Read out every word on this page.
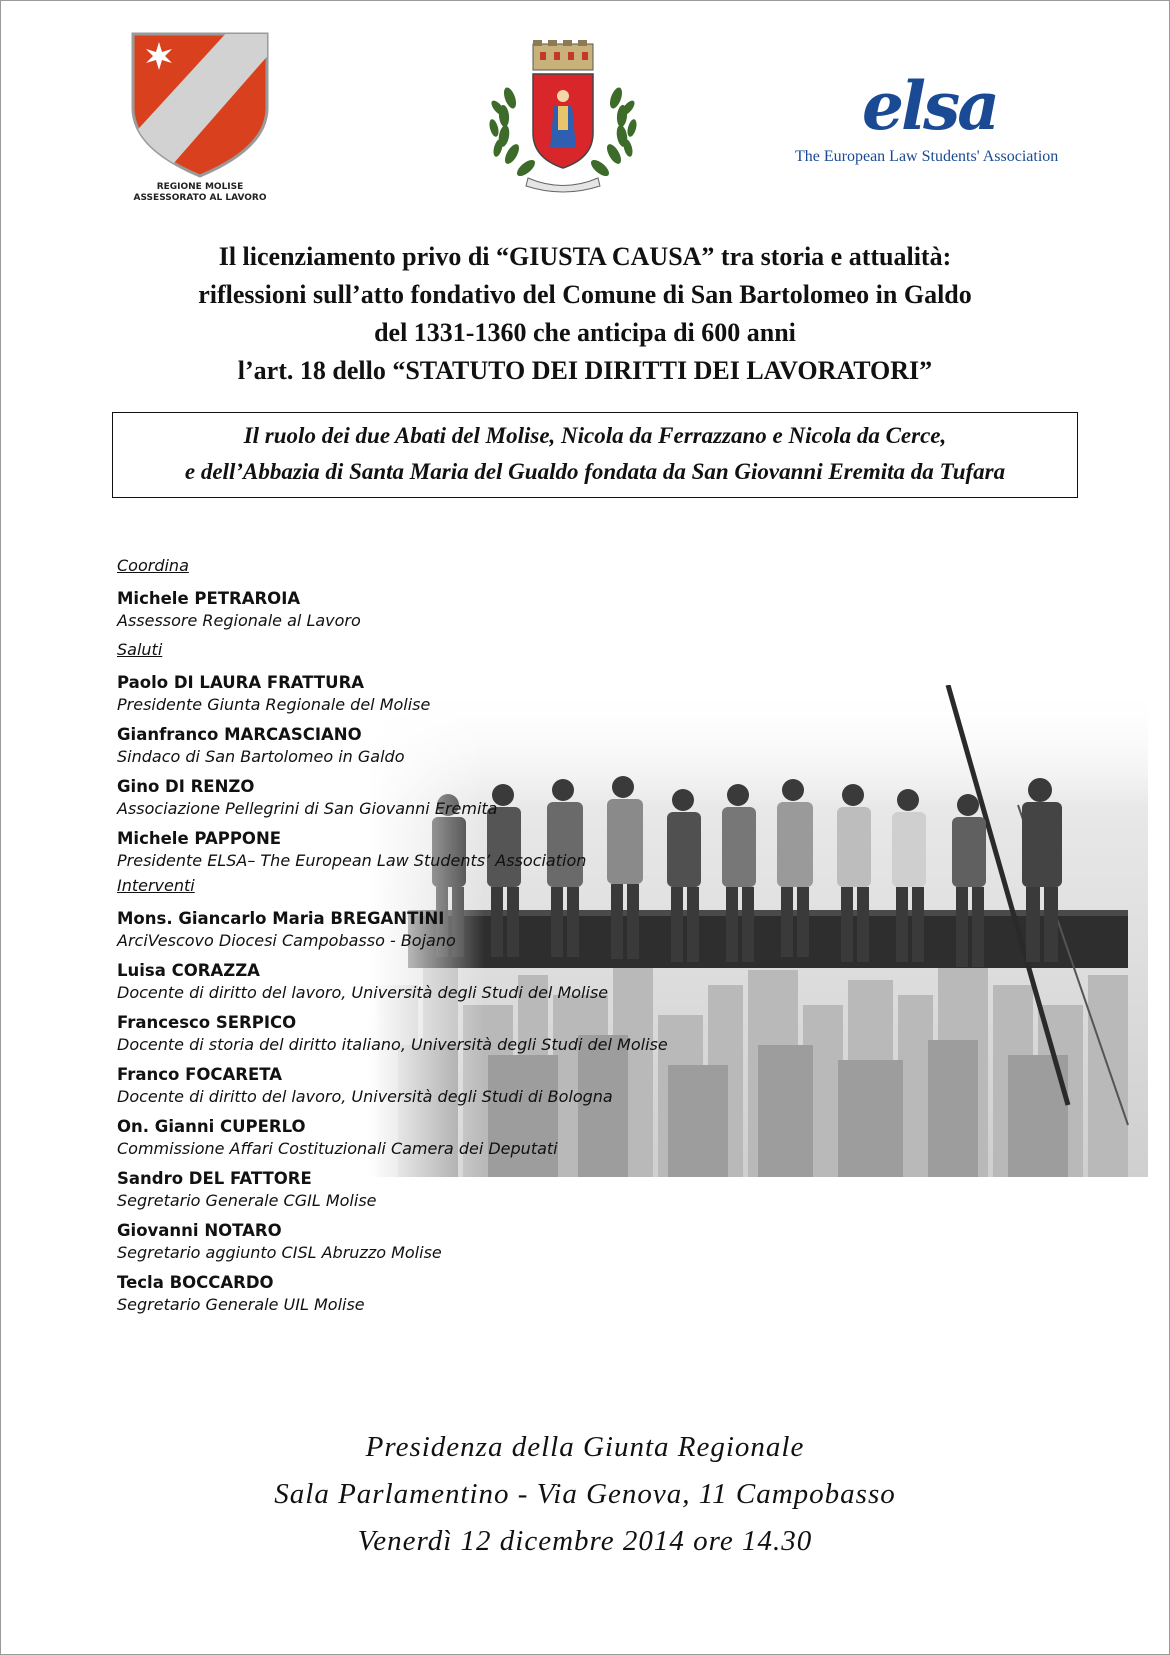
REGIONE MOLISE
ASSESSORATO AL LAVORO
elsa
The European Law Students' Association
Il licenziamento privo di “GIUSTA CAUSA” tra storia e attualità:
riflessioni sull’atto fondativo del Comune di San Bartolomeo in Galdo
del 1331-1360 che anticipa di 600 anni
l’art. 18 dello “STATUTO DEI DIRITTI DEI LAVORATORI”
Il ruolo dei due Abati del Molise, Nicola da Ferrazzano e Nicola da Cerce,
e dell’Abbazia di Santa Maria del Gualdo fondata da San Giovanni Eremita da Tufara
Coordina
Michele PETRAROIA
Assessore Regionale al Lavoro
Saluti
Paolo DI LAURA FRATTURA
Presidente Giunta Regionale del Molise
Gianfranco MARCASCIANO
Sindaco di San Bartolomeo in Galdo
Gino DI RENZO
Associazione Pellegrini di San Giovanni Eremita
Michele PAPPONE
Presidente ELSA– The European Law Students’ Association
Interventi
Mons. Giancarlo Maria BREGANTINI
ArciVescovo Diocesi Campobasso - Bojano
Luisa CORAZZA
Docente di diritto del lavoro, Università degli Studi del Molise
Francesco SERPICO
Docente di storia del diritto italiano, Università degli Studi del Molise
Franco FOCARETA
Docente di diritto del lavoro, Università degli Studi di Bologna
On. Gianni CUPERLO
Commissione Affari Costituzionali Camera dei Deputati
Sandro DEL FATTORE
Segretario Generale CGIL Molise
Giovanni NOTARO
Segretario aggiunto CISL Abruzzo Molise
Tecla BOCCARDO
Segretario Generale UIL Molise
Presidenza della Giunta Regionale
Sala Parlamentino - Via Genova, 11 Campobasso
Venerdì 12 dicembre 2014 ore 14.30
